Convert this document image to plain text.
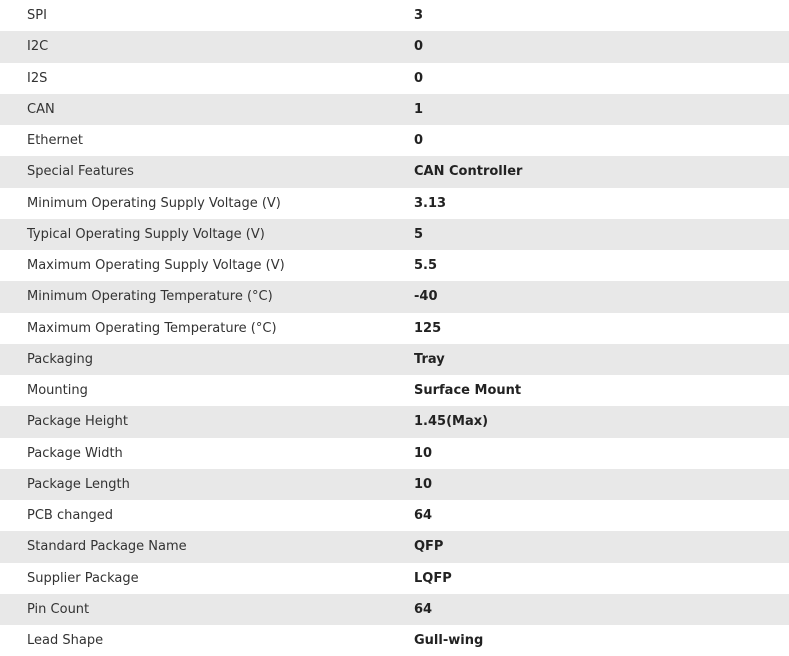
SPI	3
I2C	0
I2S	0
CAN	1
Ethernet	0
Special Features	CAN Controller
Minimum Operating Supply Voltage (V)	3.13
Typical Operating Supply Voltage (V)	5
Maximum Operating Supply Voltage (V)	5.5
Minimum Operating Temperature (°C)	-40
Maximum Operating Temperature (°C)	125
Packaging	Tray
Mounting	Surface Mount
Package Height	1.45(Max)
Package Width	10
Package Length	10
PCB changed	64
Standard Package Name	QFP
Supplier Package	LQFP
Pin Count	64
Lead Shape	Gull-wing
